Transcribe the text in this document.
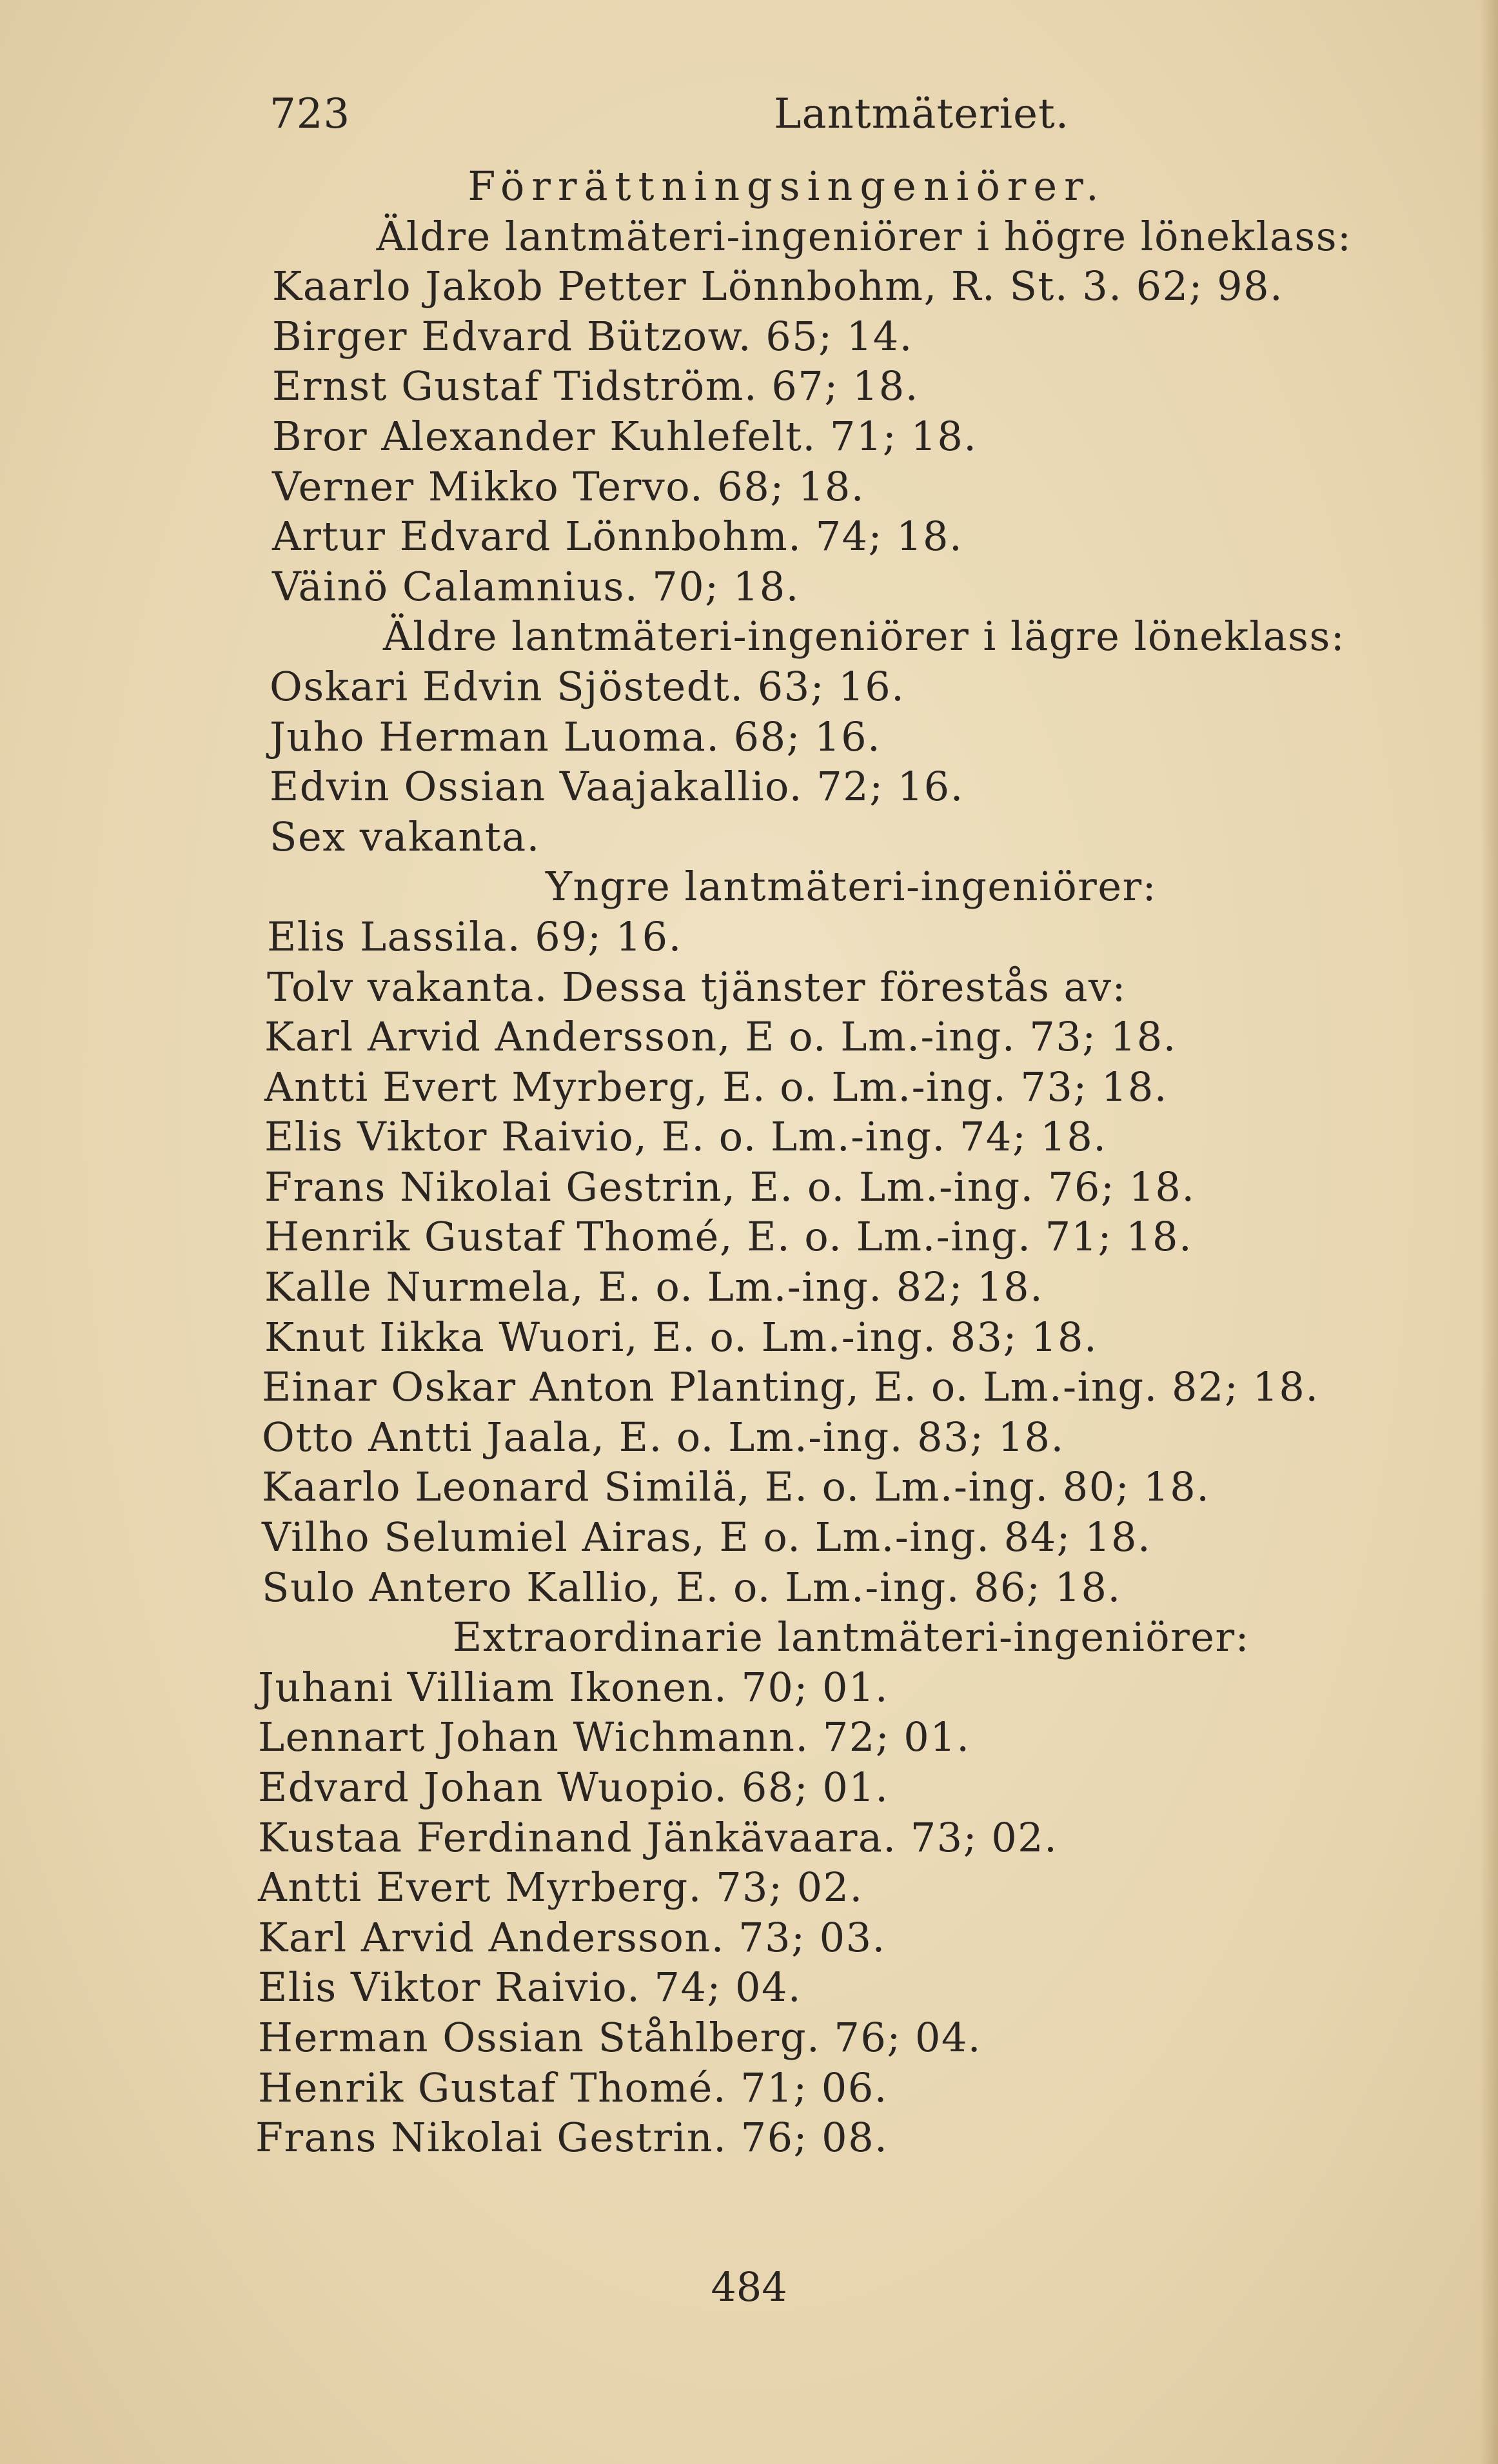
723	Lantmäteriet.
Förrättningsingeniörer.
Äldre lantmäteri-ingeniörer i högre löneklass:
Kaarlo Jakob Petter Lönnbohm, R. St. 3. 62; 98.
Birger Edvard Bützow. 65; 14.
Ernst Gustaf Tidström. 67; 18.
Bror Alexander Kuhlefelt. 71; 18.
Verner Mikko Tervo. 68; 18.
Artur Edvard Lönnbohm. 74; 18.
Väinö Calamnius. 70; 18.
Äldre lantmäteri-ingeniörer i lägre löneklass:
Oskari Edvin Sjöstedt. 63; 16.
Juho Herman Luoma. 68; 16.
Edvin Ossian Vaajakallio. 72; 16.
Sex vakanta.
Yngre lantmäteri-ingeniörer:
Elis Lassila. 69; 16.
Tolv vakanta. Dessa tjänster förestås av:
Karl Arvid Andersson, E o. Lm.-ing. 73; 18.
Antti Evert Myrberg, E. o. Lm.-ing. 73; 18.
Elis Viktor Raivio, E. o. Lm.-ing. 74; 18.
Frans Nikolai Gestrin, E. o. Lm.-ing. 76; 18.
Henrik Gustaf Thomé, E. o. Lm.-ing. 71; 18.
Kalle Nurmela, E. o. Lm.-ing. 82; 18.
Knut Iikka Wuori, E. o. Lm.-ing. 83; 18.
Einar Oskar Anton Planting, E. o. Lm.-ing. 82; 18.
Otto Antti Jaala, E. o. Lm.-ing. 83; 18.
Kaarlo Leonard Similä, E. o. Lm.-ing. 80; 18.
Vilho Selumiel Airas, E o. Lm.-ing. 84; 18.
Sulo Antero Kallio, E. o. Lm.-ing. 86; 18.
Extraordinarie lantmäteri-ingeniörer:
Juhani Villiam Ikonen. 70; 01.
Lennart Johan Wichmann. 72; 01.
Edvard Johan Wuopio. 68; 01.
Kustaa Ferdinand Jänkävaara. 73; 02.
Antti Evert Myrberg. 73; 02.
Karl Arvid Andersson. 73; 03.
Elis Viktor Raivio. 74; 04.
Herman Ossian Ståhlberg. 76; 04.
Henrik Gustaf Thomé. 71; 06.
Frans Nikolai Gestrin. 76; 08.
484
